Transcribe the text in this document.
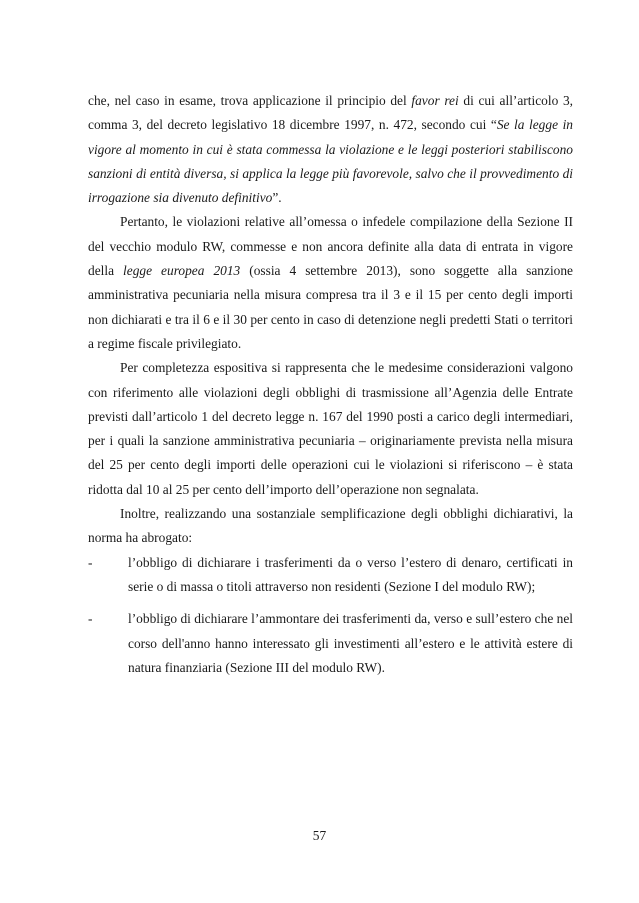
che, nel caso in esame, trova applicazione il principio del favor rei di cui all’articolo 3, comma 3, del decreto legislativo 18 dicembre 1997, n. 472, secondo cui “Se la legge in vigore al momento in cui è stata commessa la violazione e le leggi posteriori stabiliscono sanzioni di entità diversa, si applica la legge più favorevole, salvo che il provvedimento di irrogazione sia divenuto definitivo”.

Pertanto, le violazioni relative all’omessa o infedele compilazione della Sezione II del vecchio modulo RW, commesse e non ancora definite alla data di entrata in vigore della legge europea 2013 (ossia 4 settembre 2013), sono soggette alla sanzione amministrativa pecuniaria nella misura compresa tra il 3 e il 15 per cento degli importi non dichiarati e tra il 6 e il 30 per cento in caso di detenzione negli predetti Stati o territori a regime fiscale privilegiato.

Per completezza espositiva si rappresenta che le medesime considerazioni valgono con riferimento alle violazioni degli obblighi di trasmissione all’Agenzia delle Entrate previsti dall’articolo 1 del decreto legge n. 167 del 1990 posti a carico degli intermediari, per i quali la sanzione amministrativa pecuniaria – originariamente prevista nella misura del 25 per cento degli importi delle operazioni cui le violazioni si riferiscono – è stata ridotta dal 10 al 25 per cento dell’importo dell’operazione non segnalata.

Inoltre, realizzando una sostanziale semplificazione degli obblighi dichiarativi, la norma ha abrogato:

-	l’obbligo di dichiarare i trasferimenti da o verso l’estero di denaro, certificati in serie o di massa o titoli attraverso non residenti (Sezione I del modulo RW);
-	l’obbligo di dichiarare l’ammontare dei trasferimenti da, verso e sull’estero che nel corso dell'anno hanno interessato gli investimenti all’estero e le attività estere di natura finanziaria (Sezione III del modulo RW).
57
